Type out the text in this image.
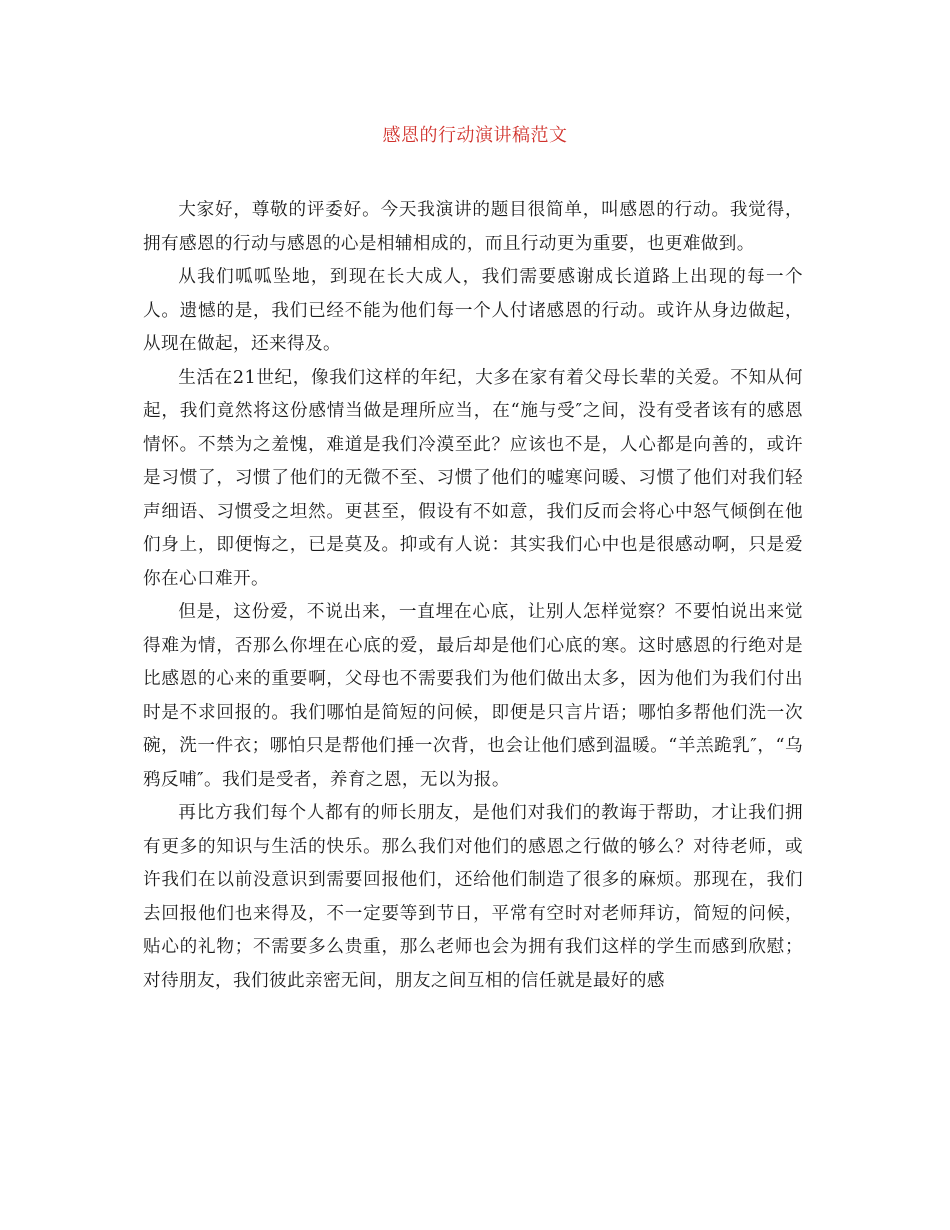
感恩的行动演讲稿范文

大家好，尊敬的评委好。今天我演讲的题目很简单，叫感恩的行动。我觉得，拥有感恩的行动与感恩的心是相辅相成的，而且行动更为重要，也更难做到。

从我们呱呱坠地，到现在长大成人，我们需要感谢成长道路上出现的每一个人。遗憾的是，我们已经不能为他们每一个人付诸感恩的行动。或许从身边做起，从现在做起，还来得及。

生活在21世纪，像我们这样的年纪，大多在家有着父母长辈的关爱。不知从何起，我们竟然将这份感情当做是理所应当，在“施与受″之间，没有受者该有的感恩情怀。不禁为之羞愧，难道是我们冷漠至此？应该也不是，人心都是向善的，或许是习惯了，习惯了他们的无微不至、习惯了他们的嘘寒问暖、习惯了他们对我们轻声细语、习惯受之坦然。更甚至，假设有不如意，我们反而会将心中怒气倾倒在他们身上，即便悔之，已是莫及。抑或有人说：其实我们心中也是很感动啊，只是爱你在心口难开。

但是，这份爱，不说出来，一直埋在心底，让别人怎样觉察？不要怕说出来觉得难为情，否那么你埋在心底的爱，最后却是他们心底的寒。这时感恩的行绝对是比感恩的心来的重要啊，父母也不需要我们为他们做出太多，因为他们为我们付出时是不求回报的。我们哪怕是简短的问候，即便是只言片语；哪怕多帮他们洗一次碗，洗一件衣；哪怕只是帮他们捶一次背，也会让他们感到温暖。“羊羔跪乳″，“乌鸦反哺″。我们是受者，养育之恩，无以为报。

再比方我们每个人都有的师长朋友，是他们对我们的教诲于帮助，才让我们拥有更多的知识与生活的快乐。那么我们对他们的感恩之行做的够么？对待老师，或许我们在以前没意识到需要回报他们，还给他们制造了很多的麻烦。那现在，我们去回报他们也来得及，不一定要等到节日，平常有空时对老师拜访，简短的问候，贴心的礼物；不需要多么贵重，那么老师也会为拥有我们这样的学生而感到欣慰；对待朋友，我们彼此亲密无间，朋友之间互相的信任就是最好的感
